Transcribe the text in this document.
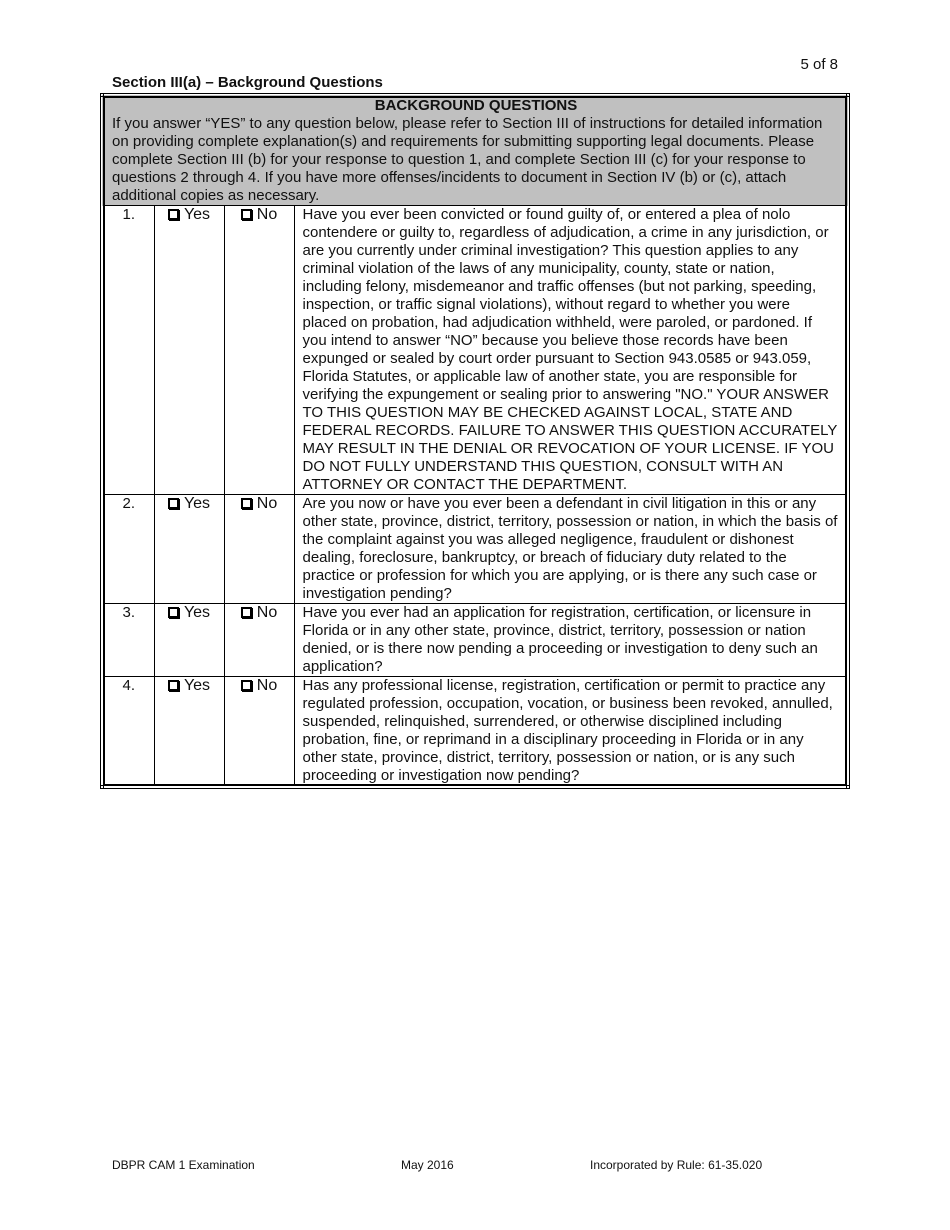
5 of 8
Section III(a) – Background Questions
BACKGROUND QUESTIONS
If you answer “YES” to any question below, please refer to Section III of instructions for detailed information on providing complete explanation(s) and requirements for submitting supporting legal documents. Please complete Section III (b) for your response to question 1, and complete Section III (c) for your response to questions 2 through 4. If you have more offenses/incidents to document in Section IV (b) or (c), attach additional copies as necessary.			

1.	Yes	No	Have you ever been convicted or found guilty of, or entered a plea of nolo contendere or guilty to, regardless of adjudication, a crime in any jurisdiction, or are you currently under criminal investigation? This question applies to any criminal violation of the laws of any municipality, county, state or nation, including felony, misdemeanor and traffic offenses (but not parking, speeding, inspection, or traffic signal violations), without regard to whether you were placed on probation, had adjudication withheld, were paroled, or pardoned. If you intend to answer “NO” because you believe those records have been expunged or sealed by court order pursuant to Section 943.0585 or 943.059, Florida Statutes, or applicable law of another state, you are responsible for verifying the expungement or sealing prior to answering "NO." YOUR ANSWER TO THIS QUESTION MAY BE CHECKED AGAINST LOCAL, STATE AND FEDERAL RECORDS. FAILURE TO ANSWER THIS QUESTION ACCURATELY MAY RESULT IN THE DENIAL OR REVOCATION OF YOUR LICENSE. IF YOU DO NOT FULLY UNDERSTAND THIS QUESTION, CONSULT WITH AN ATTORNEY OR CONTACT THE DEPARTMENT.
2.	Yes	No	Are you now or have you ever been a defendant in civil litigation in this or any other state, province, district, territory, possession or nation, in which the basis of the complaint against you was alleged negligence, fraudulent or dishonest dealing, foreclosure, bankruptcy, or breach of fiduciary duty related to the practice or profession for which you are applying, or is there any such case or investigation pending?
3.	Yes	No	Have you ever had an application for registration, certification, or licensure in Florida or in any other state, province, district, territory, possession or nation denied, or is there now pending a proceeding or investigation to deny such an application?
4.	Yes	No	Has any professional license, registration, certification or permit to practice any regulated profession, occupation, vocation, or business been revoked, annulled, suspended, relinquished, surrendered, or otherwise disciplined including probation, fine, or reprimand in a disciplinary proceeding in Florida or in any other state, province, district, territory, possession or nation, or is any such proceeding or investigation now pending?
DBPR CAM 1 Examination	May 2016	Incorporated by Rule: 61-35.020
